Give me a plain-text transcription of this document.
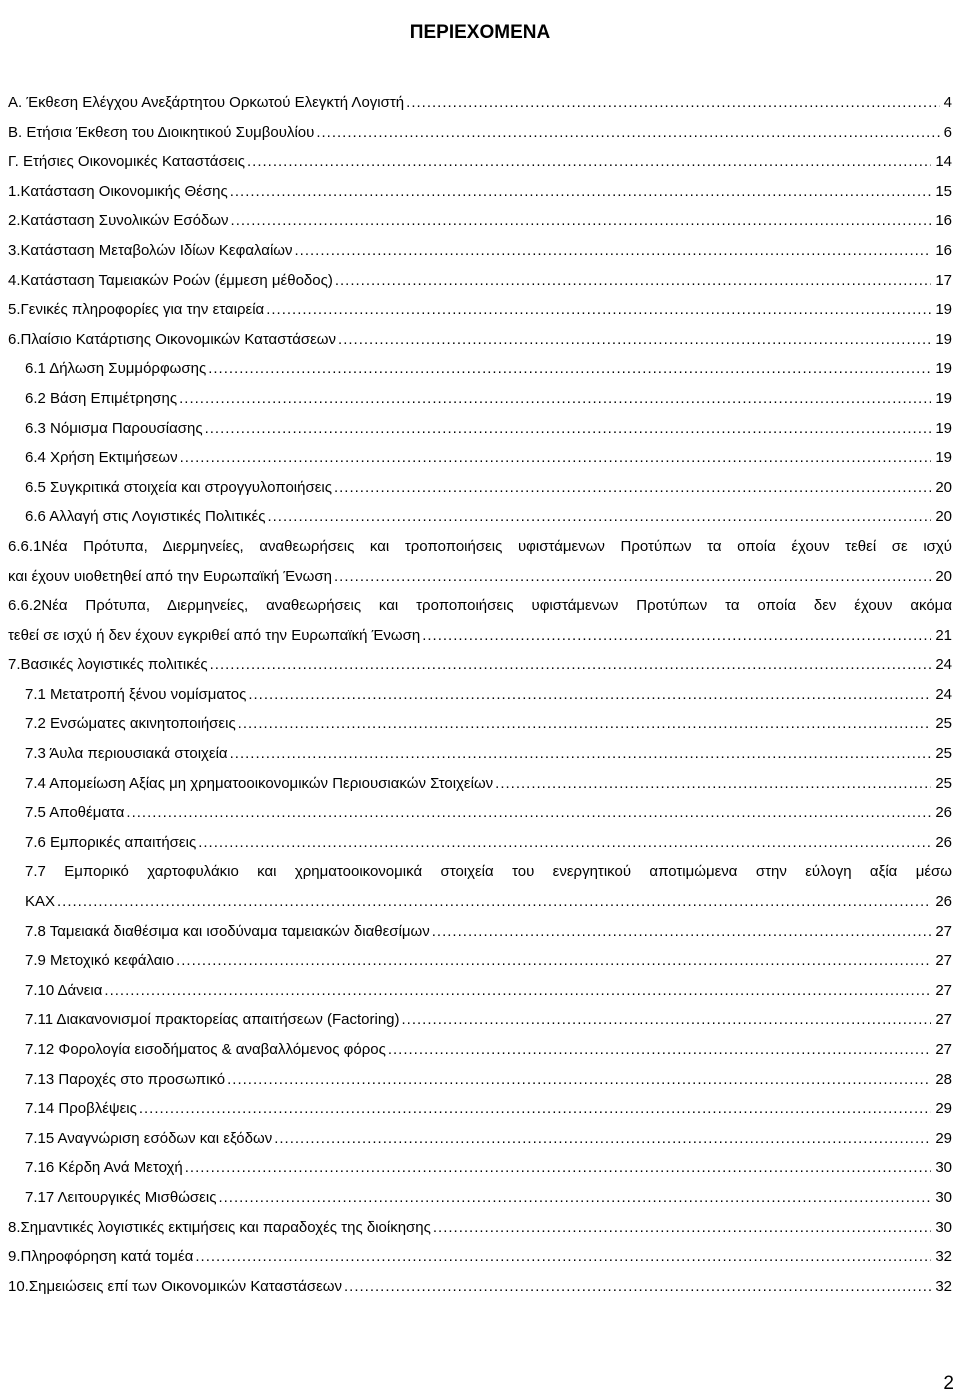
ΠΕΡΙΕΧΟΜΕΝΑ
Α. Έκθεση Ελέγχου Ανεξάρτητου Ορκωτού Ελεγκτή Λογιστή .....	4
Β. Ετήσια Έκθεση του Διοικητικού Συμβουλίου .....	6
Γ. Ετήσιες Οικονομικές Καταστάσεις .....	14
1.Κατάσταση Οικονομικής Θέσης .....	15
2.Κατάσταση Συνολικών Εσόδων .....	16
3.Κατάσταση Μεταβολών Ιδίων Κεφαλαίων .....	16
4.Κατάσταση Ταμειακών Ροών (έμμεση μέθοδος) .....	17
5.Γενικές πληροφορίες για την εταιρεία .....	19
6.Πλαίσιο Κατάρτισης Οικονομικών Καταστάσεων .....	19
6.1 Δήλωση Συμμόρφωσης .....	19
6.2 Βάση Επιμέτρησης .....	19
6.3 Νόμισμα Παρουσίασης .....	19
6.4 Χρήση Εκτιμήσεων .....	19
6.5 Συγκριτικά στοιχεία και στρογγυλοποιήσεις .....	20
6.6 Αλλαγή στις Λογιστικές Πολιτικές .....	20
6.6.1Νέα Πρότυπα, Διερμηνείες, αναθεωρήσεις και τροποποιήσεις υφιστάμενων Προτύπων τα οποία έχουν τεθεί σε ισχύ
και έχουν υιοθετηθεί από την Ευρωπαϊκή Ένωση .....	20
6.6.2Νέα Πρότυπα, Διερμηνείες, αναθεωρήσεις και τροποποιήσεις υφιστάμενων Προτύπων τα οποία δεν έχουν ακόμα
τεθεί σε ισχύ ή δεν έχουν εγκριθεί από την Ευρωπαϊκή Ένωση .....	21
7.Βασικές λογιστικές πολιτικές .....	24
7.1 Μετατροπή ξένου νομίσματος .....	24
7.2 Ενσώματες ακινητοποιήσεις .....	25
7.3 Άυλα περιουσιακά στοιχεία .....	25
7.4 Απομείωση Αξίας μη χρηματοοικονομικών Περιουσιακών Στοιχείων .....	25
7.5 Αποθέματα .....	26
7.6 Εμπορικές απαιτήσεις .....	26
7.7 Εμπορικό χαρτοφυλάκιο και χρηματοοικονομικά στοιχεία του ενεργητικού αποτιμώμενα στην εύλογη αξία μέσω
ΚΑΧ .....	26
7.8 Ταμειακά διαθέσιμα και ισοδύναμα ταμειακών διαθεσίμων .....	27
7.9 Μετοχικό κεφάλαιο .....	27
7.10 Δάνεια .....	27
7.11 Διακανονισμοί πρακτορείας απαιτήσεων (Factoring) .....	27
7.12 Φορολογία εισοδήματος & αναβαλλόμενος φόρος .....	27
7.13 Παροχές στο προσωπικό .....	28
7.14 Προβλέψεις .....	29
7.15 Αναγνώριση εσόδων και εξόδων .....	29
7.16 Κέρδη Ανά Μετοχή .....	30
7.17 Λειτουργικές Μισθώσεις .....	30
8.Σημαντικές λογιστικές εκτιμήσεις και παραδοχές της διοίκησης .....	30
9.Πληροφόρηση κατά τομέα .....	32
10.Σημειώσεις επί των Οικονομικών Καταστάσεων .....	32
2
